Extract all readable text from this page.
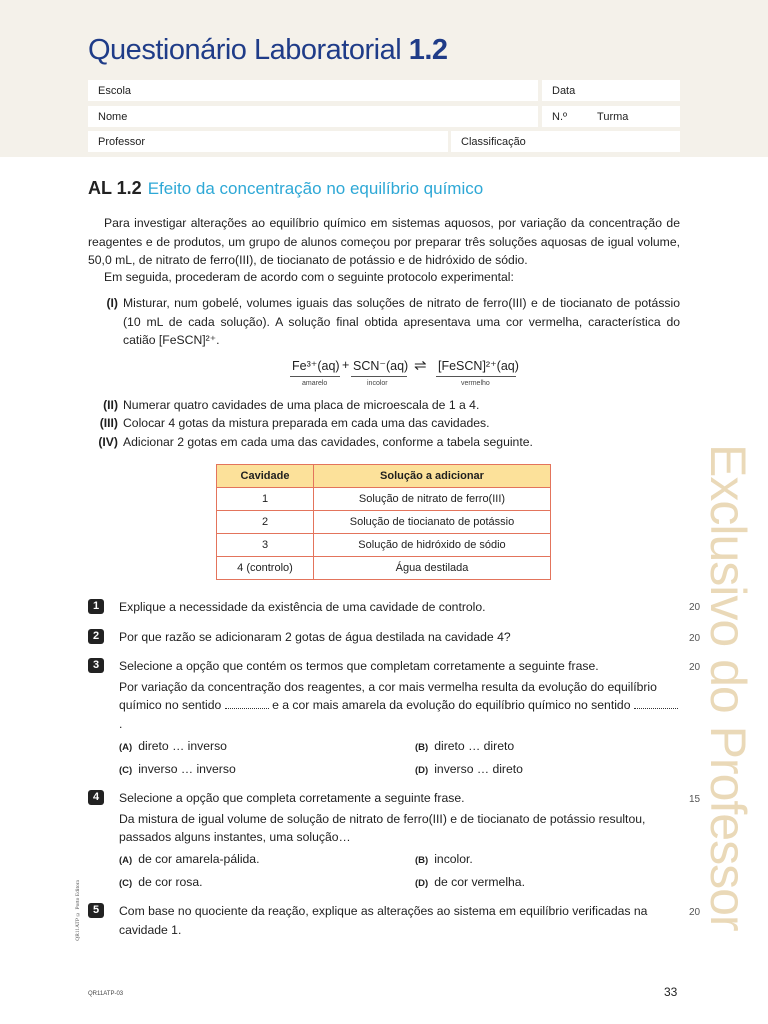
Questionário Laboratorial 1.2
Escola	Data
Nome	N.º	Turma
Professor	Classificação
AL 1.2 Efeito da concentração no equilíbrio químico
Para investigar alterações ao equilíbrio químico em sistemas aquosos, por variação da concentração de reagentes e de produtos, um grupo de alunos começou por preparar três soluções aquosas de igual volume, 50,0 mL, de nitrato de ferro(III), de tiocianato de potássio e de hidróxido de sódio.
Em seguida, procederam de acordo com o seguinte protocolo experimental:
(I) Misturar, num gobelé, volumes iguais das soluções de nitrato de ferro(III) e de tiocianato de potássio (10 mL de cada solução). A solução final obtida apresentava uma cor vermelha, característica do catião [FeSCN]²⁺.
Fe³⁺(aq) + SCN⁻(aq) ⇌ [FeSCN]²⁺(aq)
amarelo	incolor	vermelho
(II) Numerar quatro cavidades de uma placa de microescala de 1 a 4.
(III) Colocar 4 gotas da mistura preparada em cada uma das cavidades.
(IV) Adicionar 2 gotas em cada uma das cavidades, conforme a tabela seguinte.
Cavidade	Solução a adicionar
1	Solução de nitrato de ferro(III)
2	Solução de tiocianato de potássio
3	Solução de hidróxido de sódio
4 (controlo)	Água destilada
1	Explique a necessidade da existência de uma cavidade de controlo.	20
2	Por que razão se adicionaram 2 gotas de água destilada na cavidade 4?	20
3	Selecione a opção que contém os termos que completam corretamente a seguinte frase.
Por variação da concentração dos reagentes, a cor mais vermelha resulta da evolução do equilíbrio químico no sentido	e a cor mais amarela da evolução do equilíbrio químico no sentido .
20
(A) direto … inverso	(B) direto … direto
(C) inverso … inverso	(D) inverso … direto
4	Selecione a opção que completa corretamente a seguinte frase.
Da mistura de igual volume de solução de nitrato de ferro(III) e de tiocianato de potássio resultou, passados alguns instantes, uma solução…
15
(A) de cor amarela-pálida.	(B) incolor.
(C) de cor rosa.	(D) de cor vermelha.
5	Com base no quociente da reação, explique as alterações ao sistema em equilíbrio verificadas na cavidade 1.
20 Exclusivo do Professor
QR11ATP © Porto Editora
QR11ATP-03	33
